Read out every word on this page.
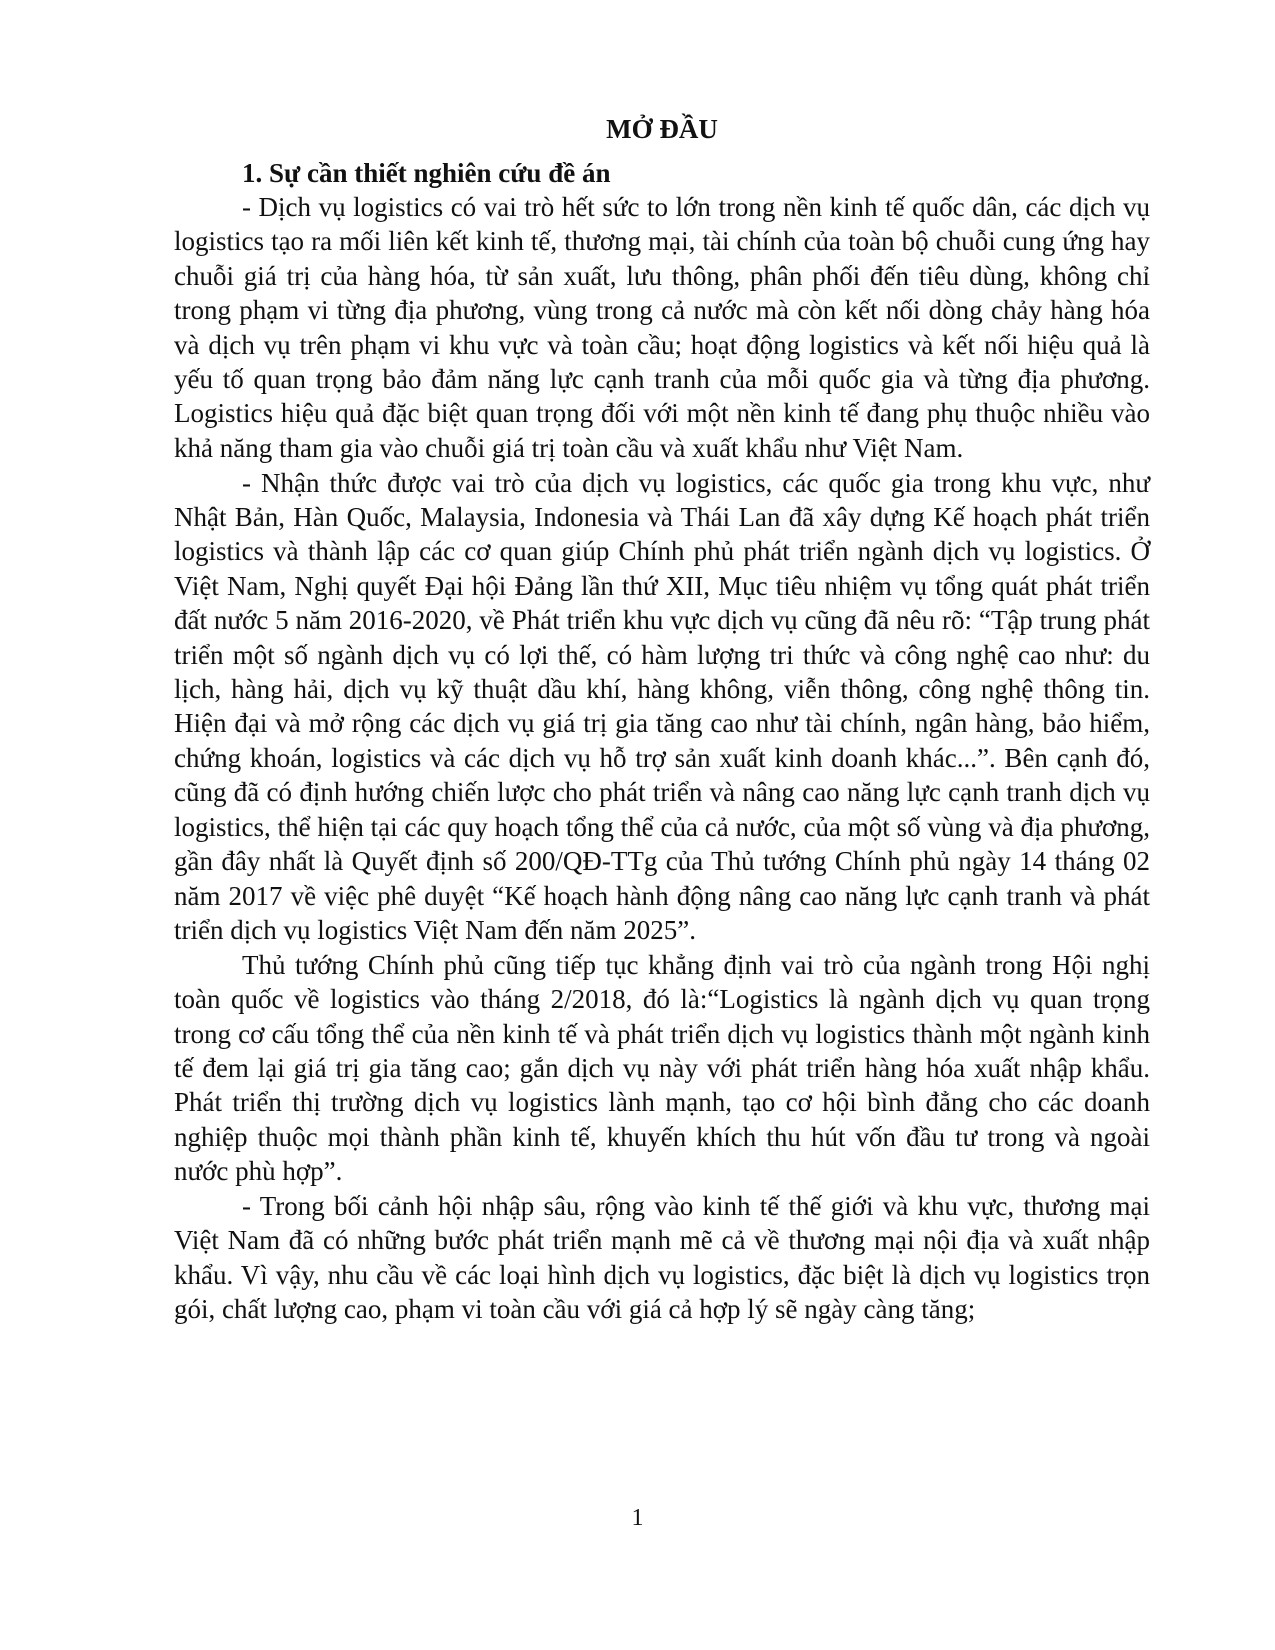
MỞ ĐẦU
1. Sự cần thiết nghiên cứu đề án

- Dịch vụ logistics có vai trò hết sức to lớn trong nền kinh tế quốc dân, các dịch vụ logistics tạo ra mối liên kết kinh tế, thương mại, tài chính của toàn bộ chuỗi cung ứng hay chuỗi giá trị của hàng hóa, từ sản xuất, lưu thông, phân phối đến tiêu dùng, không chỉ trong phạm vi từng địa phương, vùng trong cả nước mà còn kết nối dòng chảy hàng hóa và dịch vụ trên phạm vi khu vực và toàn cầu; hoạt động logistics và kết nối hiệu quả là yếu tố quan trọng bảo đảm năng lực cạnh tranh của mỗi quốc gia và từng địa phương. Logistics hiệu quả đặc biệt quan trọng đối với một nền kinh tế đang phụ thuộc nhiều vào khả năng tham gia vào chuỗi giá trị toàn cầu và xuất khẩu như Việt Nam.

- Nhận thức được vai trò của dịch vụ logistics, các quốc gia trong khu vực, như Nhật Bản, Hàn Quốc, Malaysia, Indonesia và Thái Lan đã xây dựng Kế hoạch phát triển logistics và thành lập các cơ quan giúp Chính phủ phát triển ngành dịch vụ logistics. Ở Việt Nam, Nghị quyết Đại hội Đảng lần thứ XII, Mục tiêu nhiệm vụ tổng quát phát triển đất nước 5 năm 2016-2020, về Phát triển khu vực dịch vụ cũng đã nêu rõ: “Tập trung phát triển một số ngành dịch vụ có lợi thế, có hàm lượng tri thức và công nghệ cao như: du lịch, hàng hải, dịch vụ kỹ thuật dầu khí, hàng không, viễn thông, công nghệ thông tin. Hiện đại và mở rộng các dịch vụ giá trị gia tăng cao như tài chính, ngân hàng, bảo hiểm, chứng khoán, logistics và các dịch vụ hỗ trợ sản xuất kinh doanh khác...”. Bên cạnh đó, cũng đã có định hướng chiến lược cho phát triển và nâng cao năng lực cạnh tranh dịch vụ logistics, thể hiện tại các quy hoạch tổng thể của cả nước, của một số vùng và địa phương, gần đây nhất là Quyết định số 200/QĐ-TTg của Thủ tướng Chính phủ ngày 14 tháng 02 năm 2017 về việc phê duyệt “Kế hoạch hành động nâng cao năng lực cạnh tranh và phát triển dịch vụ logistics Việt Nam đến năm 2025”.

Thủ tướng Chính phủ cũng tiếp tục khẳng định vai trò của ngành trong Hội nghị toàn quốc về logistics vào tháng 2/2018, đó là:“Logistics là ngành dịch vụ quan trọng trong cơ cấu tổng thể của nền kinh tế và phát triển dịch vụ logistics thành một ngành kinh tế đem lại giá trị gia tăng cao; gắn dịch vụ này với phát triển hàng hóa xuất nhập khẩu. Phát triển thị trường dịch vụ logistics lành mạnh, tạo cơ hội bình đẳng cho các doanh nghiệp thuộc mọi thành phần kinh tế, khuyến khích thu hút vốn đầu tư trong và ngoài nước phù hợp”.

- Trong bối cảnh hội nhập sâu, rộng vào kinh tế thế giới và khu vực, thương mại Việt Nam đã có những bước phát triển mạnh mẽ cả về thương mại nội địa và xuất nhập khẩu. Vì vậy, nhu cầu về các loại hình dịch vụ logistics, đặc biệt là dịch vụ logistics trọn gói, chất lượng cao, phạm vi toàn cầu với giá cả hợp lý sẽ ngày càng tăng;

1
